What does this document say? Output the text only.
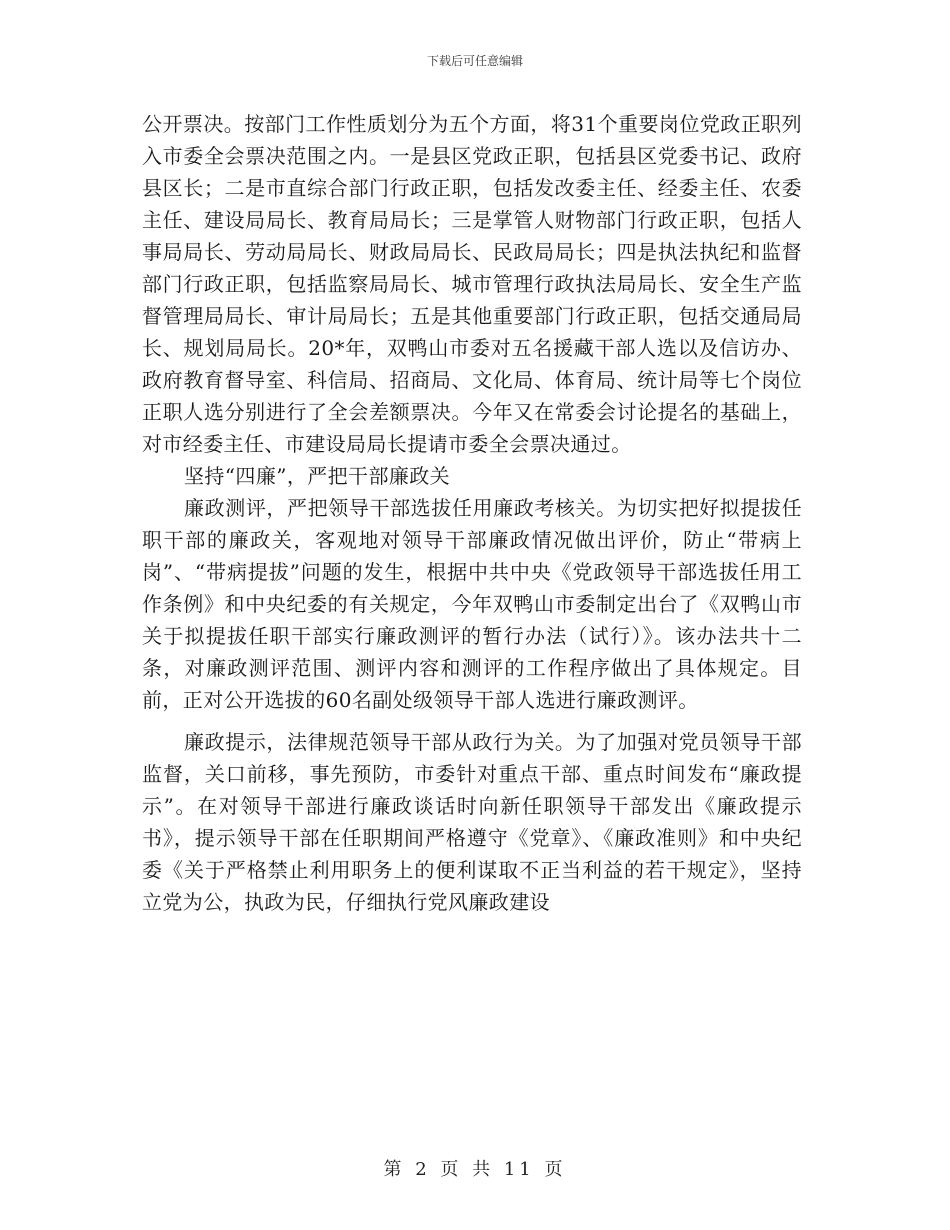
下载后可任意编辑

公开票决。按部门工作性质划分为五个方面，将31个重要岗位党政正职列入市委全会票决范围之内。一是县区党政正职，包括县区党委书记、政府县区长；二是市直综合部门行政正职，包括发改委主任、经委主任、农委主任、建设局局长、教育局局长；三是掌管人财物部门行政正职，包括人事局局长、劳动局局长、财政局局长、民政局局长；四是执法执纪和监督部门行政正职，包括监察局局长、城市管理行政执法局局长、安全生产监督管理局局长、审计局局长；五是其他重要部门行政正职，包括交通局局长、规划局局长。20*年，双鸭山市委对五名援藏干部人选以及信访办、政府教育督导室、科信局、招商局、文化局、体育局、统计局等七个岗位正职人选分别进行了全会差额票决。今年又在常委会讨论提名的基础上，对市经委主任、市建设局局长提请市委全会票决通过。

坚持“四廉”，严把干部廉政关

廉政测评，严把领导干部选拔任用廉政考核关。为切实把好拟提拔任职干部的廉政关，客观地对领导干部廉政情况做出评价，防止“带病上岗”、“带病提拔”问题的发生，根据中共中央《党政领导干部选拔任用工作条例》和中央纪委的有关规定，今年双鸭山市委制定出台了《双鸭山市关于拟提拔任职干部实行廉政测评的暂行办法（试行）》。该办法共十二条，对廉政测评范围、测评内容和测评的工作程序做出了具体规定。目前，正对公开选拔的60名副处级领导干部人选进行廉政测评。

廉政提示，法律规范领导干部从政行为关。为了加强对党员领导干部监督，关口前移，事先预防，市委针对重点干部、重点时间发布“廉政提示”。在对领导干部进行廉政谈话时向新任职领导干部发出《廉政提示书》，提示领导干部在任职期间严格遵守《党章》、《廉政准则》和中央纪委《关于严格禁止利用职务上的便利谋取不正当利益的若干规定》，坚持立党为公，执政为民，仔细执行党风廉政建设

第 2 页 共 11 页
